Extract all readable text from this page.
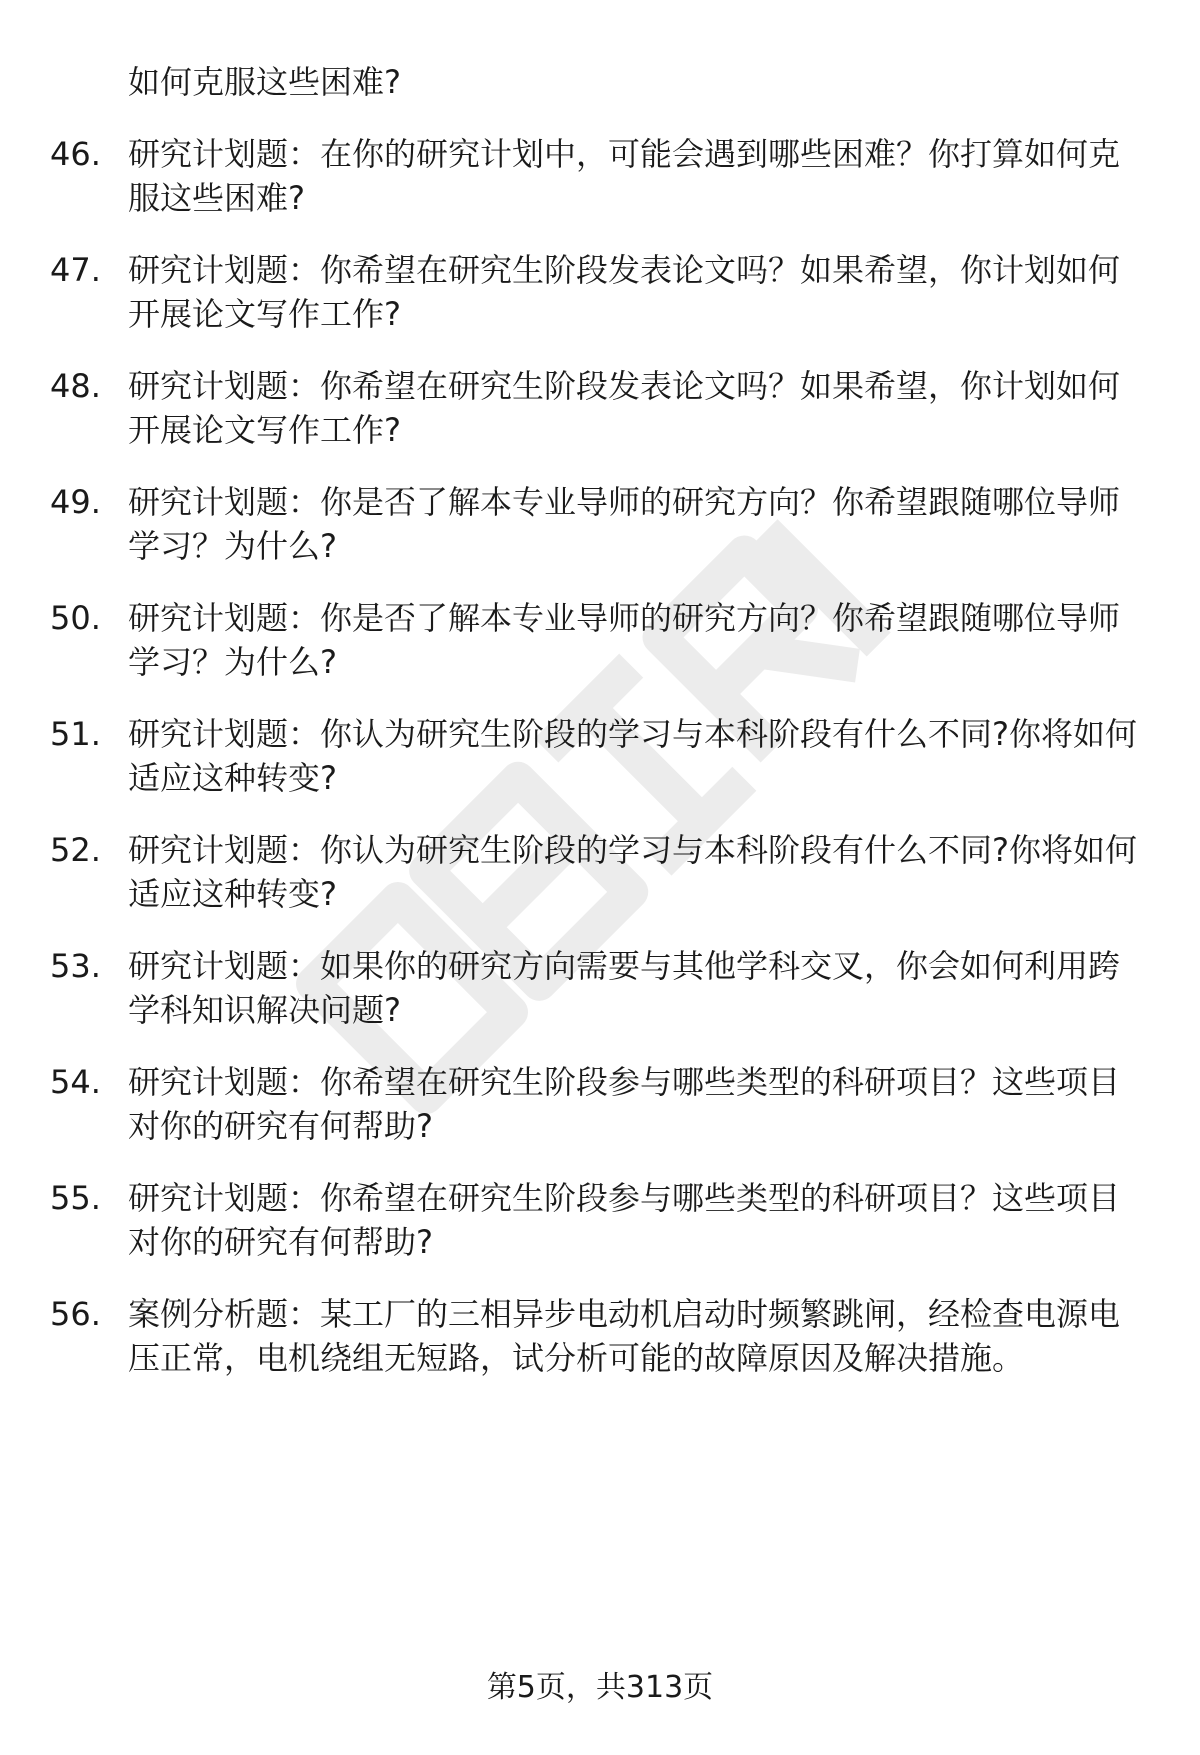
如何克服这些困难?
46. 研究计划题：在你的研究计划中，可能会遇到哪些困难？你打算如何克服这些困难?
47. 研究计划题：你希望在研究生阶段发表论文吗？如果希望，你计划如何开展论文写作工作?
48. 研究计划题：你希望在研究生阶段发表论文吗？如果希望，你计划如何开展论文写作工作?
49. 研究计划题：你是否了解本专业导师的研究方向？你希望跟随哪位导师学习？为什么?
50. 研究计划题：你是否了解本专业导师的研究方向？你希望跟随哪位导师学习？为什么?
51. 研究计划题：你认为研究生阶段的学习与本科阶段有什么不同?你将如何适应这种转变?
52. 研究计划题：你认为研究生阶段的学习与本科阶段有什么不同?你将如何适应这种转变?
53. 研究计划题：如果你的研究方向需要与其他学科交叉，你会如何利用跨学科知识解决问题?
54. 研究计划题：你希望在研究生阶段参与哪些类型的科研项目？这些项目对你的研究有何帮助?
55. 研究计划题：你希望在研究生阶段参与哪些类型的科研项目？这些项目对你的研究有何帮助?
56. 案例分析题：某工厂的三相异步电动机启动时频繁跳闸，经检查电源电压正常，电机绕组无短路，试分析可能的故障原因及解决措施。
第5页，共313页
